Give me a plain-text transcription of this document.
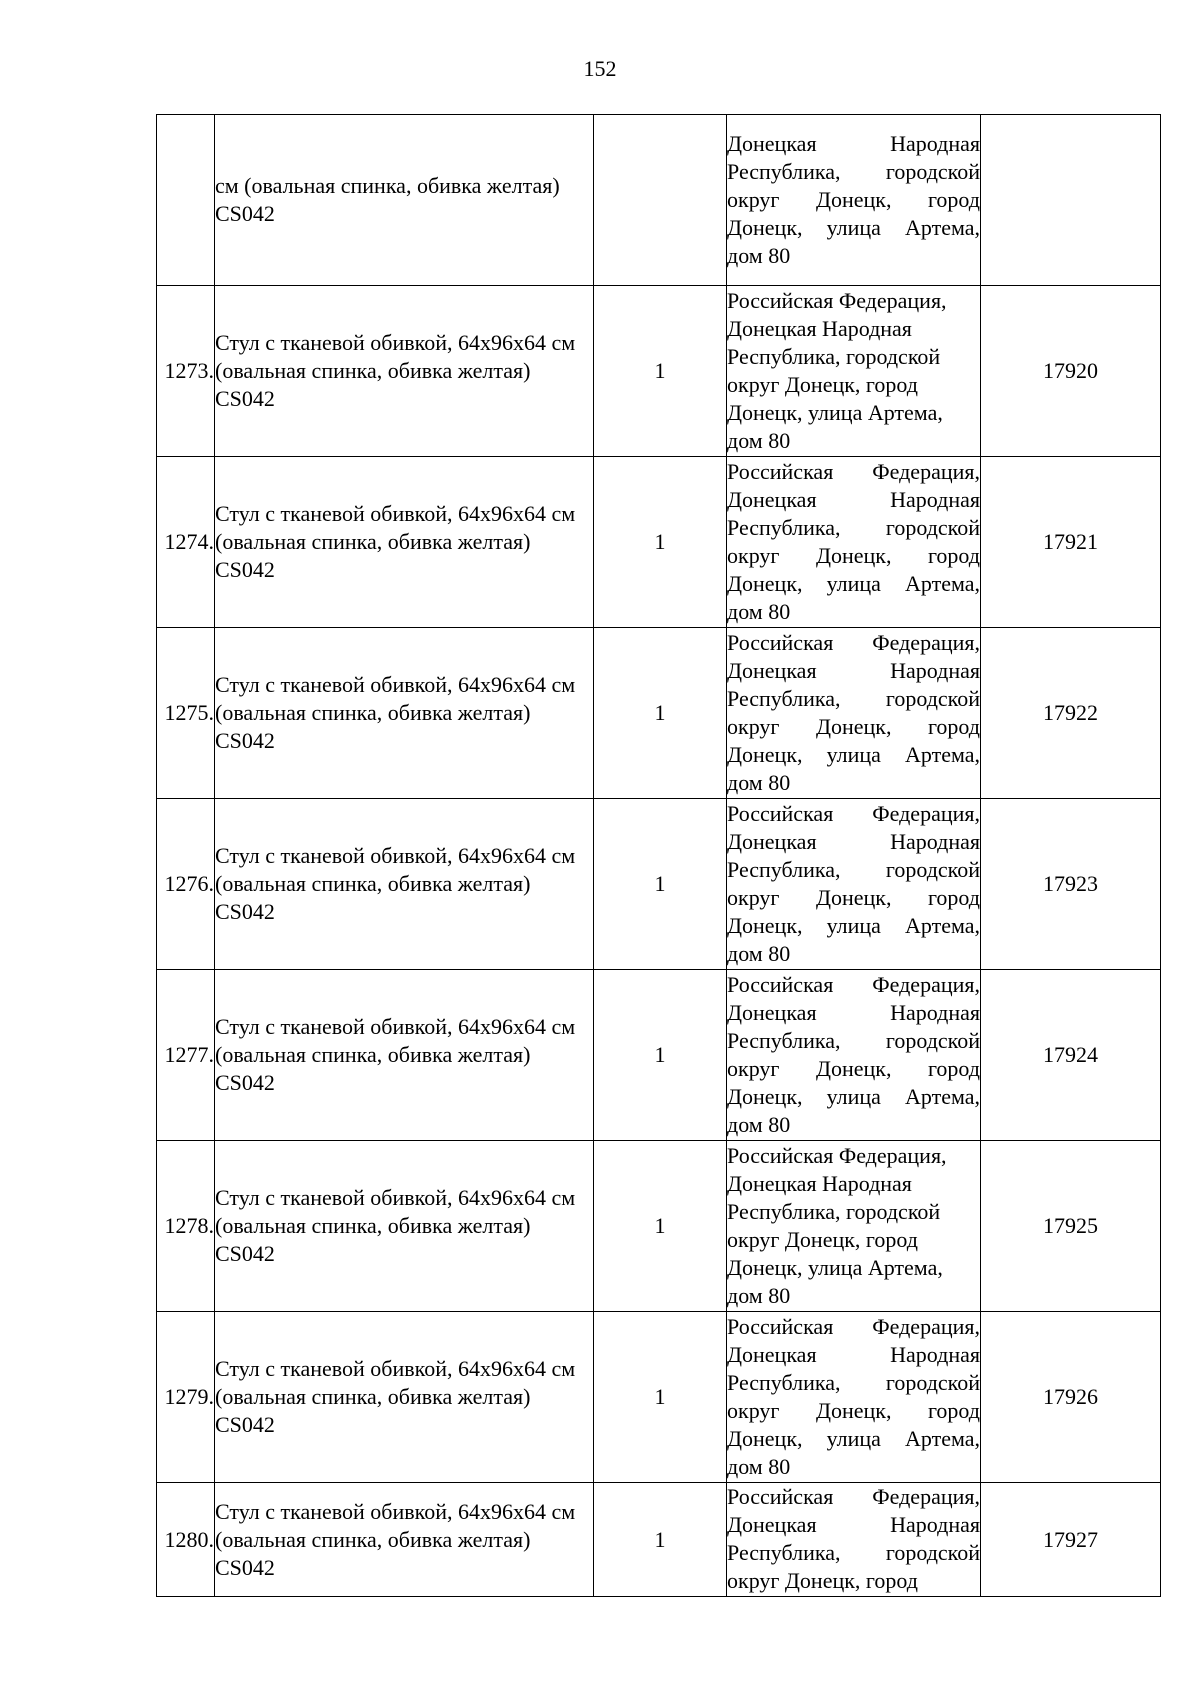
152
	см (овальная спинка, обивка желтая) CS042		Донецкая Народная Республика, городской округ Донецк, город Донецк, улица Артема, дом 80	
1273.	Стул с тканевой обивкой, 64x96x64 см (овальная спинка, обивка желтая) CS042	1	Российская Федерация, Донецкая Народная Республика, городской округ Донецк, город Донецк, улица Артема, дом 80	17920
1274.	Стул с тканевой обивкой, 64x96x64 см (овальная спинка, обивка желтая) CS042	1	Российская Федерация, Донецкая Народная Республика, городской округ Донецк, город Донецк, улица Артема, дом 80	17921
1275.	Стул с тканевой обивкой, 64x96x64 см (овальная спинка, обивка желтая) CS042	1	Российская Федерация, Донецкая Народная Республика, городской округ Донецк, город Донецк, улица Артема, дом 80	17922
1276.	Стул с тканевой обивкой, 64x96x64 см (овальная спинка, обивка желтая) CS042	1	Российская Федерация, Донецкая Народная Республика, городской округ Донецк, город Донецк, улица Артема, дом 80	17923
1277.	Стул с тканевой обивкой, 64x96x64 см (овальная спинка, обивка желтая) CS042	1	Российская Федерация, Донецкая Народная Республика, городской округ Донецк, город Донецк, улица Артема, дом 80	17924
1278.	Стул с тканевой обивкой, 64x96x64 см (овальная спинка, обивка желтая) CS042	1	Российская Федерация, Донецкая Народная Республика, городской округ Донецк, город Донецк, улица Артема, дом 80	17925
1279.	Стул с тканевой обивкой, 64x96x64 см (овальная спинка, обивка желтая) CS042	1	Российская Федерация, Донецкая Народная Республика, городской округ Донецк, город Донецк, улица Артема, дом 80	17926
1280.	Стул с тканевой обивкой, 64x96x64 см (овальная спинка, обивка желтая) CS042	1	Российская Федерация, Донецкая Народная Республика, городской округ Донецк, город	17927
